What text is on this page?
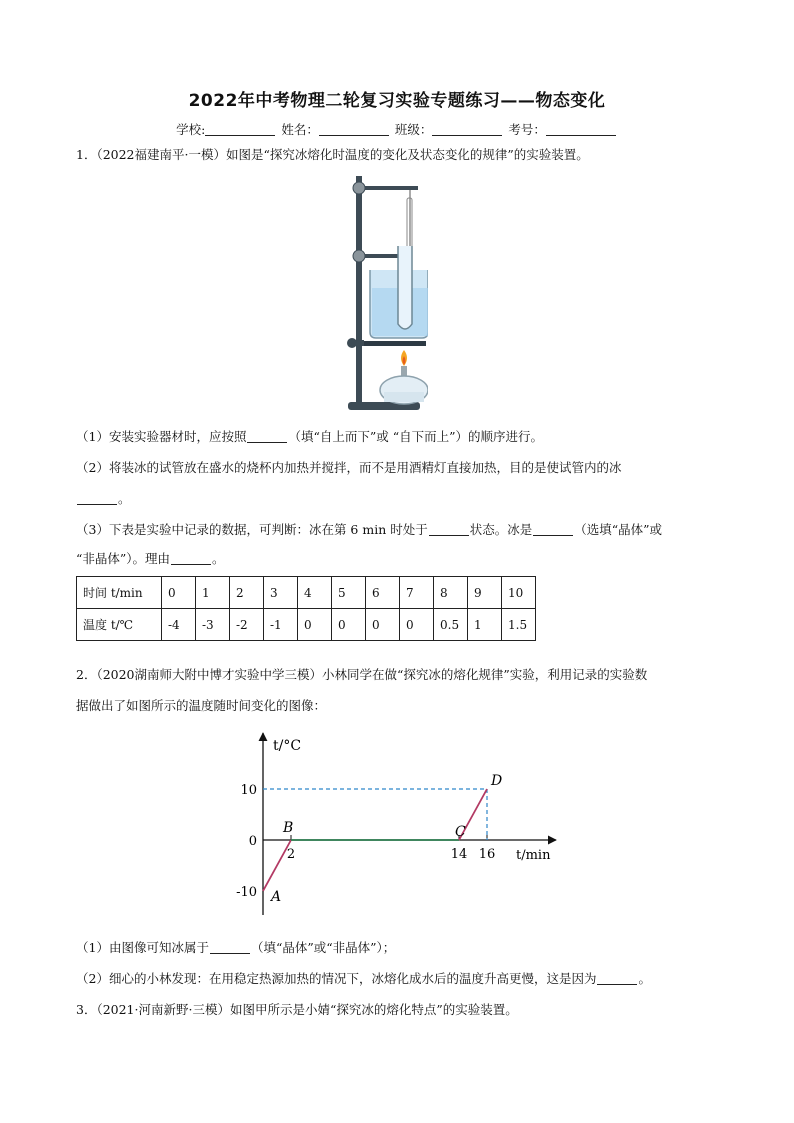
2022年中考物理二轮复习实验专题练习——物态变化
学校:	姓名：	班级：	考号：
1．（2022福建南平·一模）如图是“探究冰熔化时温度的变化及状态变化的规律”的实验装置。
（1）安装实验器材时，应按照	（填“自上而下”或 “自下而上”）的顺序进行。
（2）将装冰的试管放在盛水的烧杯内加热并搅拌，而不是用酒精灯直接加热，目的是使试管内的冰
。
（3）下表是实验中记录的数据，可判断：冰在第 6 min 时处于	状态。冰是	（选填“晶体”或
“非晶体”）。理由	。
时间 t/min	0	1	2	3	4	5	6	7	8	9	10
温度 t/℃	-4	-3	-2	-1	0	0	0	0	0.5	1	1.5
2．（2020湖南师大附中博才实验中学三模）小林同学在做“探究冰的熔化规律”实验，利用记录的实验数
据做出了如图所示的温度随时间变化的图像：
t/°C
t/min
10
0
-10
2	14 16
A
B	C
D
（1）由图像可知冰属于	（填“晶体”或“非晶体”）；
（2）细心的小林发现：在用稳定热源加热的情况下，冰熔化成水后的温度升高更慢，这是因为	。
3．（2021·河南新野·三模）如图甲所示是小婧“探究冰的熔化特点”的实验装置。
